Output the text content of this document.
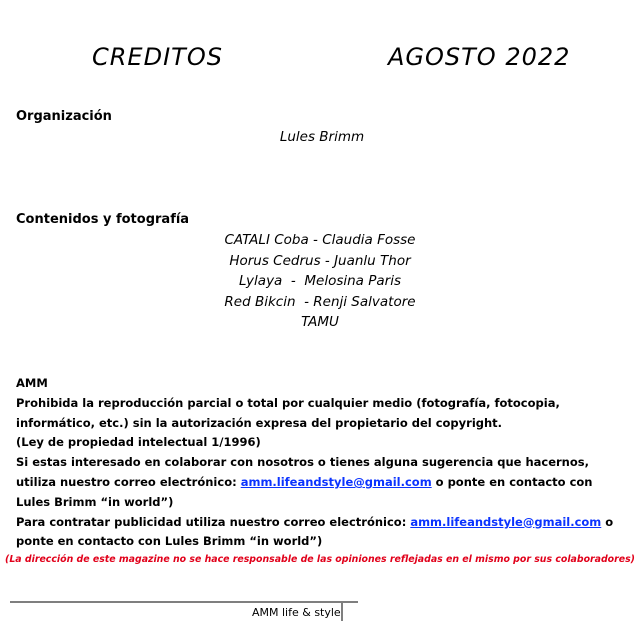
CREDITOS	AGOSTO 2022
Organización
Lules Brimm
Contenidos y fotografía
CATALI Coba - Claudia Fosse
Horus Cedrus - Juanlu Thor
Lylaya  -  Melosina Paris
Red Bikcin  - Renji Salvatore
TAMU

AMM

Prohibida la reproducción parcial o total por cualquier medio (fotografía, fotocopia, informático, etc.) sin la autorización expresa del propietario del copyright.

(Ley de propiedad intelectual 1/1996)

Si estas interesado en colaborar con nosotros o tienes alguna sugerencia que hacernos, utiliza nuestro correo electrónico: amm.lifeandstyle@gmail.com o ponte en contacto con Lules Brimm “in world”)

Para contratar publicidad utiliza nuestro correo electrónico: amm.lifeandstyle@gmail.com o ponte en contacto con Lules Brimm “in world”)

(La dirección de este magazine no se hace responsable de las opiniones reflejadas en el mismo por sus colaboradores)
AMM life & style
